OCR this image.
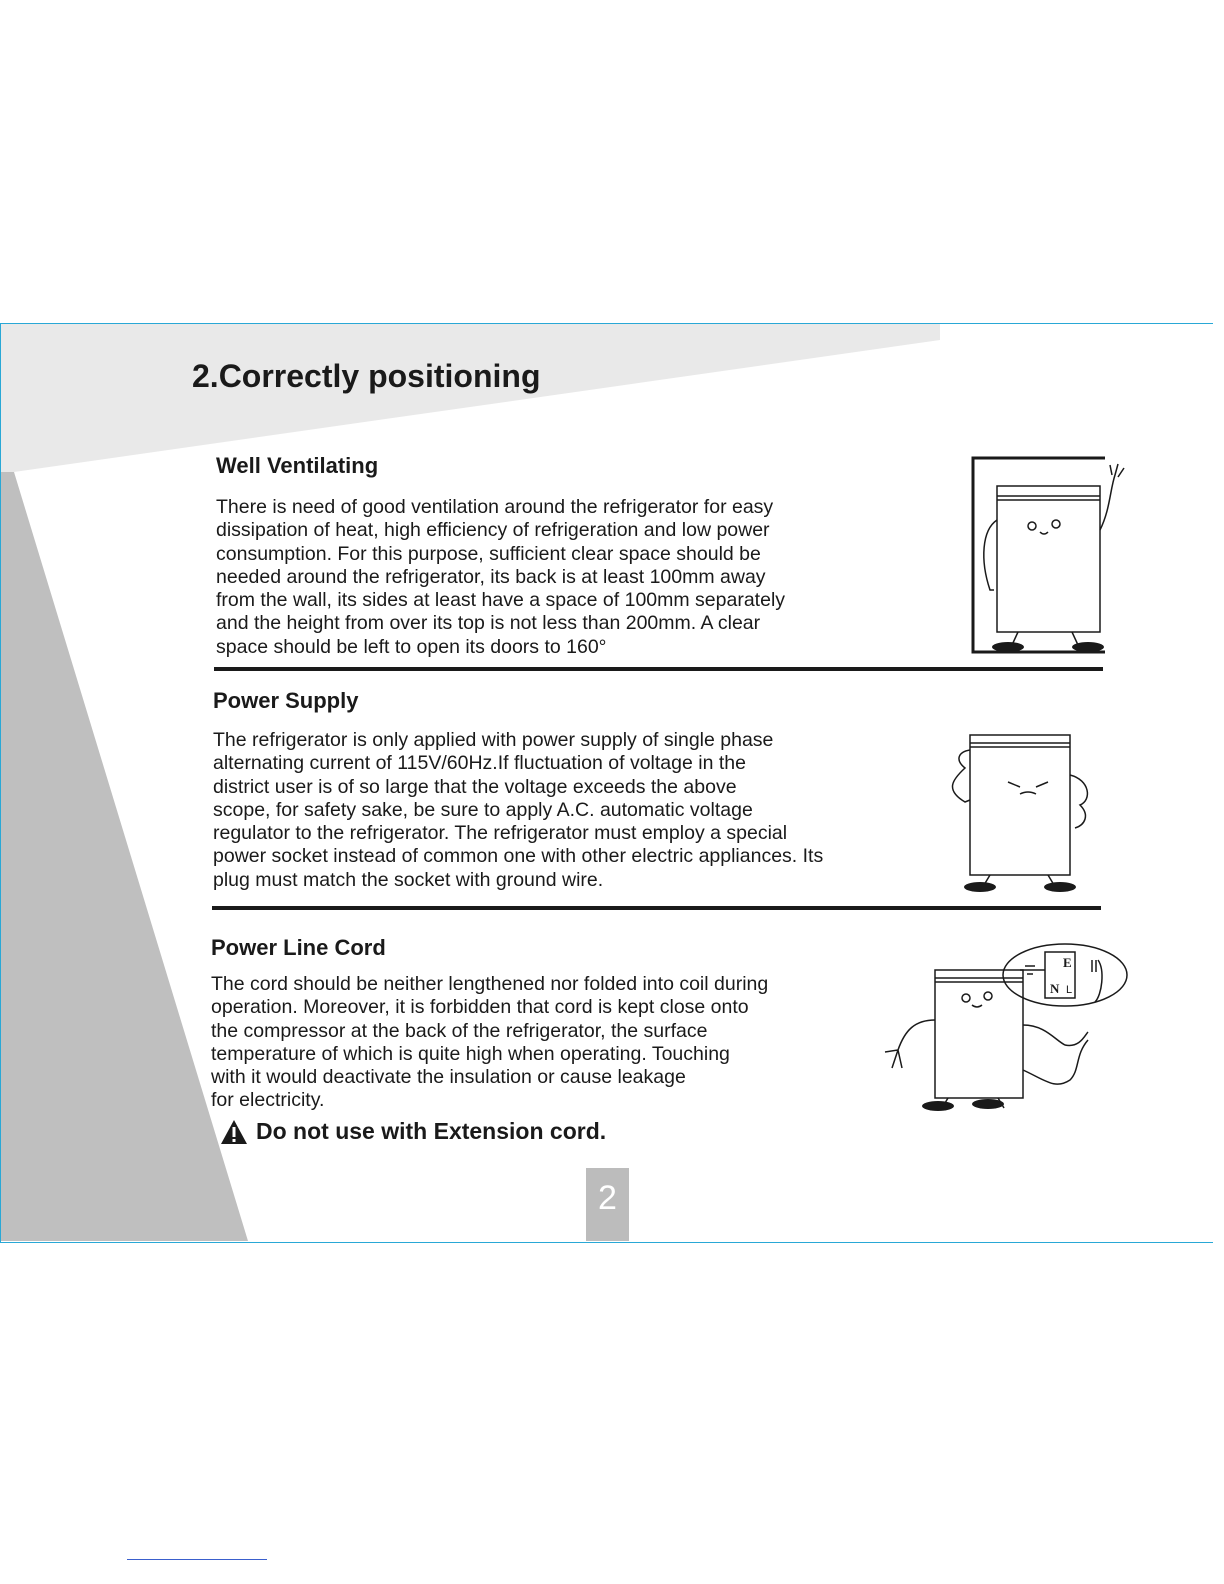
2.Correctly positioning
Well Ventilating

There is need of good ventilation around the refrigerator for easy
dissipation of heat, high efficiency of refrigeration and low power
consumption. For this purpose, sufficient clear space should be
needed around the refrigerator, its back is at least 100mm away
from the wall, its sides at least have a space of 100mm separately
and the height from over its top is not less than 200mm. A clear
space should be left to open its doors to 160°

Power Supply

The refrigerator is only applied with power supply of single phase
alternating current of 115V/60Hz.If fluctuation of voltage in the
district user is of so large that the voltage exceeds the above
scope, for safety sake, be sure to apply A.C. automatic voltage
regulator to the refrigerator. The refrigerator must employ a special
power socket instead of common one with other electric appliances. Its
plug must match the socket with ground wire.

Power Line Cord

The cord should be neither lengthened nor folded into coil during
operation. Moreover, it is forbidden that cord is kept close onto
the compressor at the back of the refrigerator, the surface
temperature of which is quite high when operating. Touching
with it would deactivate the insulation or cause leakage
for electricity.

Do not use with Extension cord.
E
N L
2
